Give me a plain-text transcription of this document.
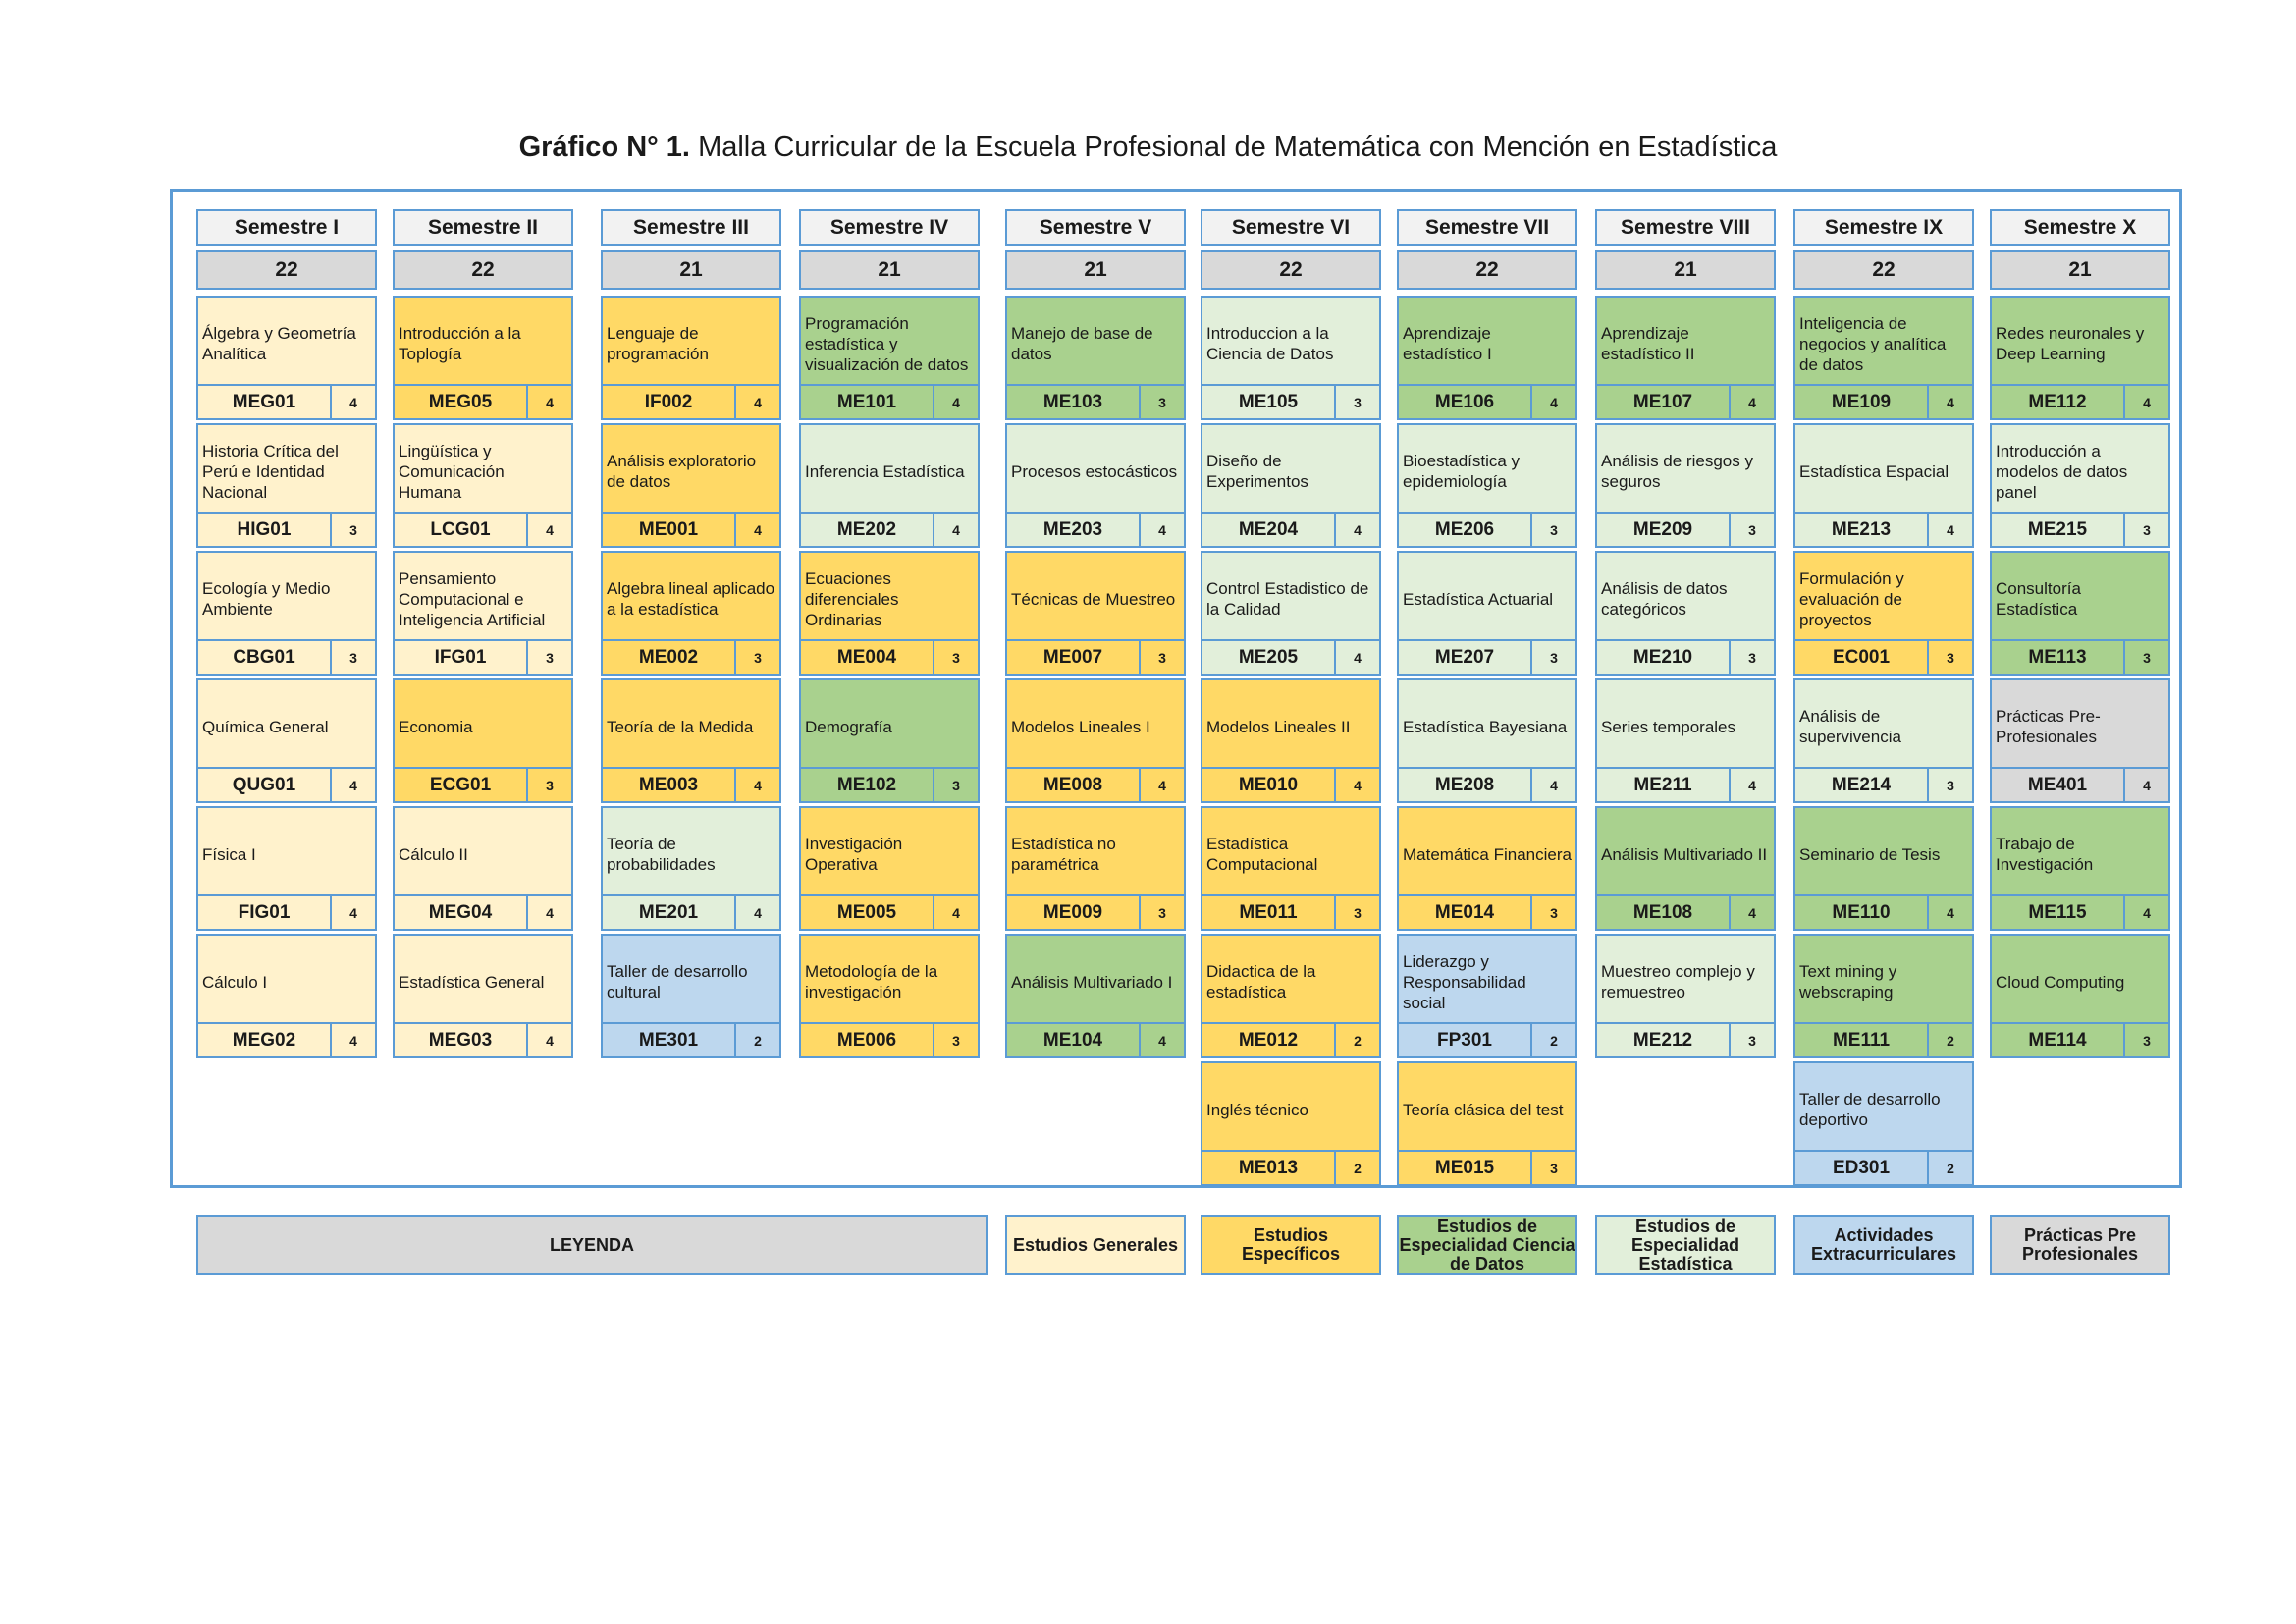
Gráfico N° 1. Malla Curricular de la Escuela Profesional de Matemática con Mención en Estadística
Semestre I
22
Álgebra y Geometría Analítica
MEG01	4
Historia Crítica del Perú e Identidad Nacional
HIG01	3
Ecología y Medio Ambiente
CBG01	3
Química General
QUG01	4
Física I
FIG01	4
Cálculo I
MEG02	4
Semestre II
22
Introducción a la Toplogía
MEG05	4
Lingüística y Comunicación Humana
LCG01	4
Pensamiento Computacional e Inteligencia Artificial
IFG01	3
Economia
ECG01	3
Cálculo II
MEG04	4
Estadística General
MEG03	4
Semestre III
21
Lenguaje de programación
IF002	4
Análisis exploratorio de datos
ME001	4
Algebra lineal aplicado a la estadística
ME002	3
Teoría de la Medida
ME003	4
Teoría de probabilidades
ME201	4
Taller de desarrollo cultural
ME301	2
Semestre IV
21
Programación estadística y visualización de datos
ME101	4
Inferencia Estadística
ME202	4
Ecuaciones diferenciales Ordinarias
ME004	3
Demografía
ME102	3
Investigación Operativa
ME005	4
Metodología de la investigación
ME006	3
Semestre V
21
Manejo de base de datos
ME103	3
Procesos estocásticos
ME203	4
Técnicas de Muestreo
ME007	3
Modelos Lineales I
ME008	4
Estadística no paramétrica
ME009	3
Análisis Multivariado I
ME104	4
Semestre VI
22
Introduccion a la Ciencia de Datos
ME105	3
Diseño de Experimentos
ME204	4
Control Estadistico de la Calidad
ME205	4
Modelos Lineales II
ME010	4
Estadística Computacional
ME011	3
Didactica de la estadística
ME012	2
Inglés técnico
ME013	2
Semestre VII
22
Aprendizaje estadístico I
ME106	4
Bioestadística y epidemiología
ME206	3
Estadística Actuarial
ME207	3
Estadística Bayesiana
ME208	4
Matemática Financiera
ME014	3
Liderazgo y Responsabilidad social
FP301	2
Teoría clásica del test
ME015	3
Semestre VIII
21
Aprendizaje estadístico II
ME107	4
Análisis de riesgos y seguros
ME209	3
Análisis de datos categóricos
ME210	3
Series temporales
ME211	4
Análisis Multivariado II
ME108	4
Muestreo complejo y remuestreo
ME212	3
Semestre IX
22
Inteligencia de negocios y analítica de datos
ME109	4
Estadística Espacial
ME213	4
Formulación y evaluación de proyectos
EC001	3
Análisis de supervivencia
ME214	3
Seminario de Tesis
ME110	4
Text mining y webscraping
ME111	2
Taller de desarrollo deportivo
ED301	2
Semestre X
21
Redes neuronales y Deep Learning
ME112	4
Introducción a modelos de datos panel
ME215	3
Consultoría Estadística
ME113	3
Prácticas Pre-Profesionales
ME401	4
Trabajo de Investigación
ME115	4
Cloud Computing
ME114	3
LEYENDA	Estudios Generales	Estudios Específicos
Estudios de Especialidad Ciencia de Datos
Estudios de Especialidad Estadística
Actividades Extracurriculares
Prácticas Pre Profesionales
